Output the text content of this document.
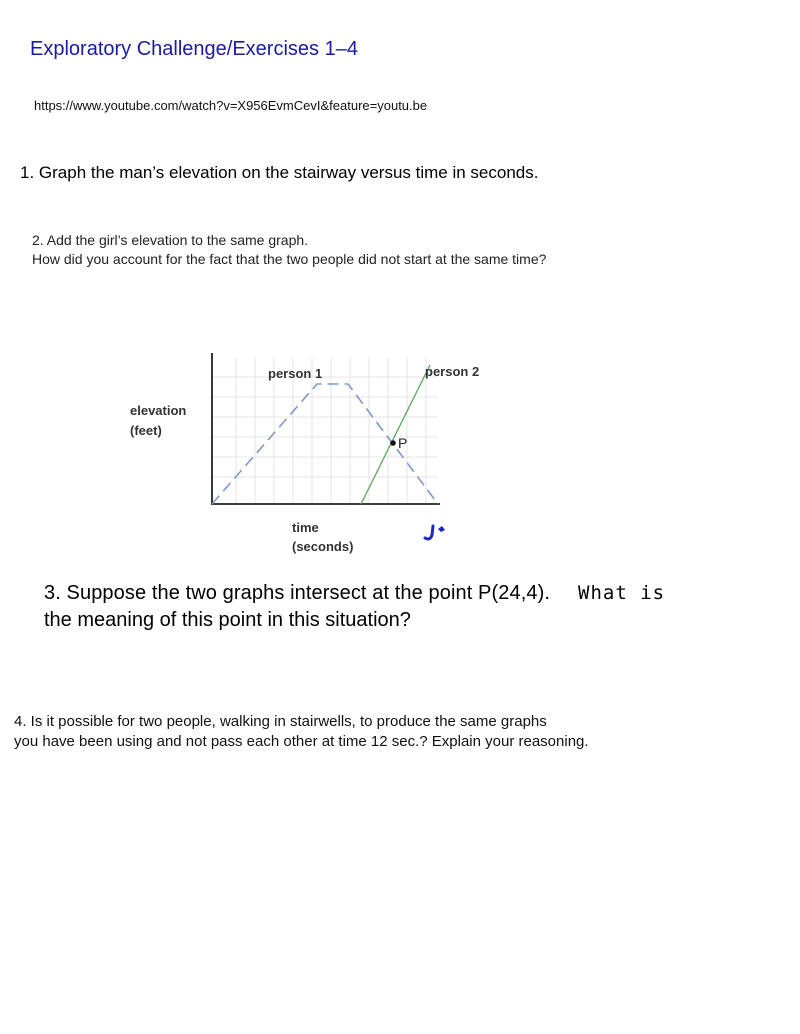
Exploratory Challenge/Exercises 1–4
https://www.youtube.com/watch?v=X956EvmCevI&feature=youtu.be
1. Graph the man’s elevation on the stairway versus time in seconds.
2. Add the girl’s elevation to the same graph.
How did you account for the fact that the two people did not start at the same time?
P
person 1	person 2
elevation
(feet)
time
(seconds)
3. Suppose the two graphs intersect at the point P(24,4). What is
the meaning of this point in this situation?
4. Is it possible for two people, walking in stairwells, to produce the same graphs
you have been using and not pass each other at time 12 sec.? Explain your reasoning.
